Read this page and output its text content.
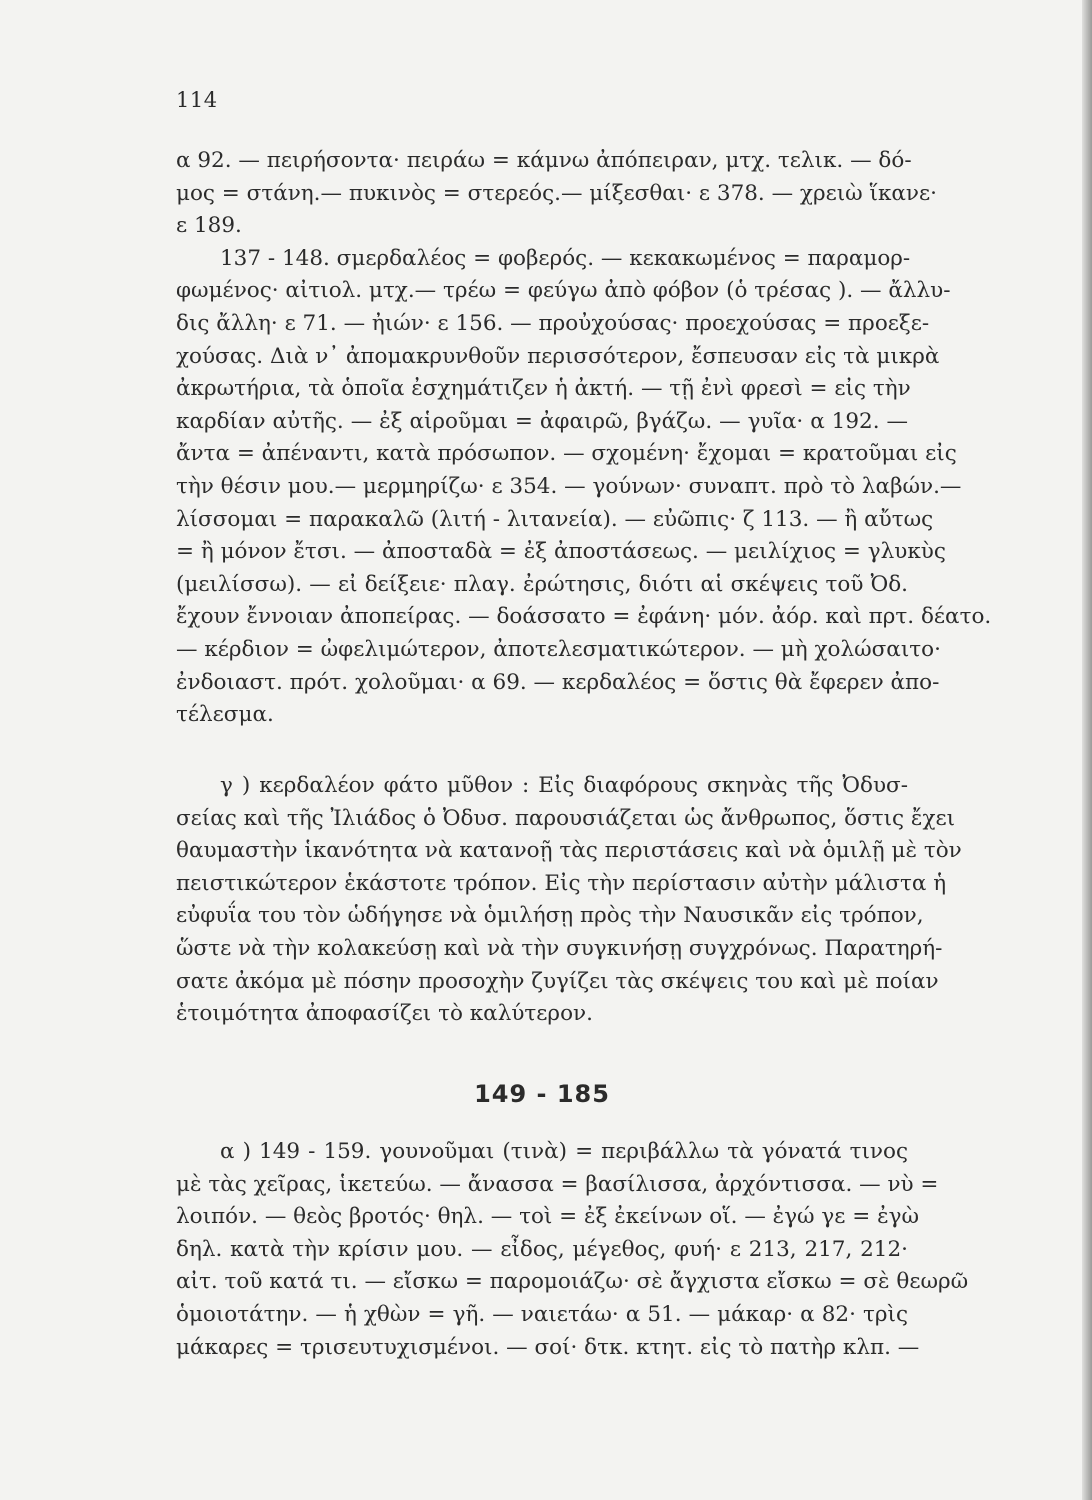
114
α 92. — πειρήσοντα· πειράω = κάμνω ἀπόπειραν, μτχ. τελικ. — δό-
μος = στάνη.— πυκινὸς = στερεός.— μίξεσθαι· ε 378. — χρειὼ ἵκανε·
ε 189.
137 - 148. σμερδαλέος = φοβερός. — κεκακωμένος = παραμορ-
φωμένος· αἰτιολ. μτχ.— τρέω = φεύγω ἀπὸ φόβον (ὁ τρέσας ). — ἄλλυ-
δις ἄλλη· ε 71. — ἠιών· ε 156. — προὐχούσας· προεχούσας = προεξε-
χούσας. Διὰ ν᾽ ἀπομακρυνθοῦν περισσότερον, ἔσπευσαν εἰς τὰ μικρὰ
ἀκρωτήρια, τὰ ὁποῖα ἐσχημάτιζεν ἡ ἀκτή. — τῇ ἐνὶ φρεσὶ = εἰς τὴν
καρδίαν αὐτῆς. — ἐξ αἱροῦμαι = ἀφαιρῶ, βγάζω. — γυῖα· α 192. —
ἄντα = ἀπέναντι, κατὰ πρόσωπον. — σχομένη· ἔχομαι = κρατοῦμαι εἰς
τὴν θέσιν μου.— μερμηρίζω· ε 354. — γούνων· συναπτ. πρὸ τὸ λαβών.—
λίσσομαι = παρακαλῶ (λιτή - λιτανεία). — εὐῶπις· ζ 113. — ἢ αὔτως
= ἢ μόνον ἔτσι. — ἀποσταδὰ = ἐξ ἀποστάσεως. — μειλίχιος = γλυκὺς
(μειλίσσω). — εἰ δείξειε· πλαγ. ἐρώτησις, διότι αἱ σκέψεις τοῦ Ὀδ.
ἔχουν ἔννοιαν ἀποπείρας. — δοάσσατο = ἐφάνη· μόν. ἀόρ. καὶ πρτ. δέατο.
— κέρδιον = ὠφελιμώτερον, ἀποτελεσματικώτερον. — μὴ χολώσαιτο·
ἐνδοιαστ. πρότ. χολοῦμαι· α 69. — κερδαλέος = ὅστις θὰ ἔφερεν ἀπο-
τέλεσμα.
γ ) κερδαλέον φάτο μῦθον : Εἰς διαφόρους σκηνὰς τῆς Ὀδυσ-
σείας καὶ τῆς Ἰλιάδος ὁ Ὀδυσ. παρουσιάζεται ὡς ἄνθρωπος, ὅστις ἔχει
θαυμαστὴν ἱκανότητα νὰ κατανοῇ τὰς περιστάσεις καὶ νὰ ὁμιλῇ μὲ τὸν
πειστικώτερον ἑκάστοτε τρόπον. Εἰς τὴν περίστασιν αὐτὴν μάλιστα ἡ
εὐφυΐα του τὸν ὡδήγησε νὰ ὁμιλήσῃ πρὸς τὴν Ναυσικᾶν εἰς τρόπον,
ὥστε νὰ τὴν κολακεύσῃ καὶ νὰ τὴν συγκινήσῃ συγχρόνως. Παρατηρή-
σατε ἀκόμα μὲ πόσην προσοχὴν ζυγίζει τὰς σκέψεις του καὶ μὲ ποίαν
ἑτοιμότητα ἀποφασίζει τὸ καλύτερον.
149 - 185
α ) 149 - 159. γουνοῦμαι (τινὰ) = περιβάλλω τὰ γόνατά τινος
μὲ τὰς χεῖρας, ἱκετεύω. — ἄνασσα = βασίλισσα, ἀρχόντισσα. — νὺ =
λοιπόν. — θεὸς βροτός· θηλ. — τοὶ = ἐξ ἐκείνων οἵ. — ἐγώ γε = ἐγὼ
δηλ. κατὰ τὴν κρίσιν μου. — εἶδος, μέγεθος, φυή· ε 213, 217, 212·
αἰτ. τοῦ κατά τι. — εἴσκω = παρομοιάζω· σὲ ἄγχιστα εἴσκω = σὲ θεωρῶ
ὁμοιοτάτην. — ἡ χθὼν = γῆ. — ναιετάω· α 51. — μάκαρ· α 82· τρὶς
μάκαρες = τρισευτυχισμένοι. — σοί· δτκ. κτητ. εἰς τὸ πατὴρ κλπ. —
